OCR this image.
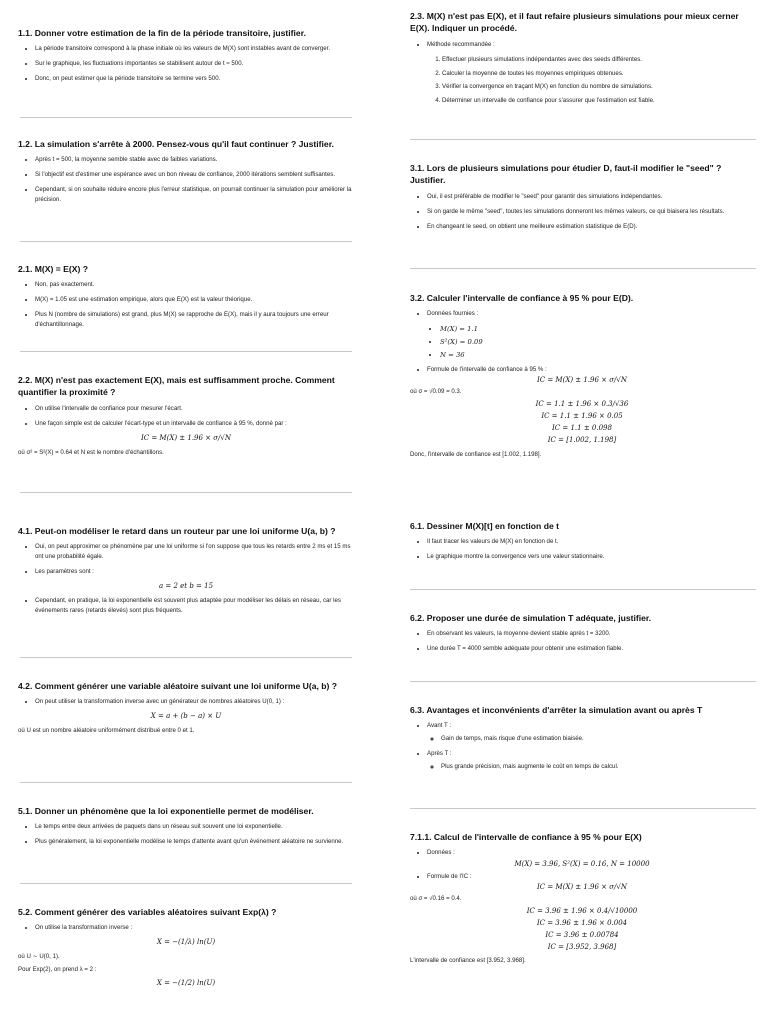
1.1. Donner votre estimation de la fin de la période transitoire, justifier.
• La période transitoire correspond à la phase initiale où les valeurs de M(X) sont instables avant de converger.
• Sur le graphique, les fluctuations importantes se stabilisent autour de t ≈ 500.
• Donc, on peut estimer que la période transitoire se termine vers 500.
1.2. La simulation s'arrête à 2000. Pensez-vous qu'il faut continuer ? Justifier.
• Après t = 500, la moyenne semble stable avec de faibles variations.
• Si l'objectif est d'estimer une espérance avec un bon niveau de confiance, 2000 itérations semblent suffisantes.
• Cependant, si on souhaite réduire encore plus l'erreur statistique, on pourrait continuer la simulation pour améliorer la précision.
2.1. M(X) = E(X) ?
• Non, pas exactement.
• M(X) = 1.05 est une estimation empirique, alors que E(X) est la valeur théorique.
• Plus N (nombre de simulations) est grand, plus M(X) se rapproche de E(X), mais il y aura toujours une erreur d'échantillonnage.
2.2. M(X) n'est pas exactement E(X), mais est suffisamment proche. Comment quantifier la proximité ?
• On utilise l'intervalle de confiance pour mesurer l'écart.
• Une façon simple est de calculer l'écart-type et un intervalle de confiance à 95 %, donné par :
IC = M(X) ± 1.96 × σ/√N

où σ² = S²(X) = 0.64 et N est le nombre d'échantillons.

4.1. Peut-on modéliser le retard dans un routeur par une loi uniforme U(a, b) ?
• Oui, on peut approximer ce phénomène par une loi uniforme si l'on suppose que tous les retards entre 2 ms et 15 ms ont une probabilité égale.
• Les paramètres sont :
a = 2 et b = 15
• Cependant, en pratique, la loi exponentielle est souvent plus adaptée pour modéliser les délais en réseau, car les événements rares (retards élevés) sont plus fréquents.
4.2. Comment générer une variable aléatoire suivant une loi uniforme U(a, b) ?
• On peut utiliser la transformation inverse avec un générateur de nombres aléatoires U(0, 1) :
X = a + (b − a) × U

où U est un nombre aléatoire uniformément distribué entre 0 et 1.

5.1. Donner un phénomène que la loi exponentielle permet de modéliser.
• Le temps entre deux arrivées de paquets dans un réseau suit souvent une loi exponentielle.
• Plus généralement, la loi exponentielle modélise le temps d'attente avant qu'un événement aléatoire ne survienne.
5.2. Comment générer des variables aléatoires suivant Exp(λ) ?
• On utilise la transformation inverse :
X = −(1/λ) ln(U)

où U ∼ U(0, 1).

Pour Exp(2), on prend λ = 2 :

X = −(1/2) ln(U)
2.3. M(X) n'est pas E(X), et il faut refaire plusieurs simulations pour mieux cerner E(X). Indiquer un procédé.
• Méthode recommandée :
1. Effectuer plusieurs simulations indépendantes avec des seeds différentes.
2. Calculer la moyenne de toutes les moyennes empiriques obtenues.
3. Vérifier la convergence en traçant M(X) en fonction du nombre de simulations.
4. Déterminer un intervalle de confiance pour s'assurer que l'estimation est fiable.
3.1. Lors de plusieurs simulations pour étudier D, faut-il modifier le "seed" ? Justifier.
• Oui, il est préférable de modifier le "seed" pour garantir des simulations indépendantes.
• Si on garde le même "seed", toutes les simulations donneront les mêmes valeurs, ce qui biaisera les résultats.
• En changeant le seed, on obtient une meilleure estimation statistique de E(D).
3.2. Calculer l'intervalle de confiance à 95 % pour E(D).
• Données fournies :
• M(X) = 1.1
• S²(X) = 0.09
• N = 36
• Formule de l'intervalle de confiance à 95 % :
IC = M(X) ± 1.96 × σ/√N

où σ = √0.09 = 0.3.

IC = 1.1 ± 1.96 × 0.3/√36
IC = 1.1 ± 1.96 × 0.05
IC = 1.1 ± 0.098
IC = [1.002, 1.198]

Donc, l'intervalle de confiance est [1.002, 1.198].

6.1. Dessiner M(X)[t] en fonction de t
• Il faut tracer les valeurs de M(X) en fonction de t.
• Le graphique montre la convergence vers une valeur stationnaire.
6.2. Proposer une durée de simulation T adéquate, justifier.
• En observant les valeurs, la moyenne devient stable après t = 3200.
• Une durée T = 4000 semble adéquate pour obtenir une estimation fiable.
6.3. Avantages et inconvénients d'arrêter la simulation avant ou après T
• Avant T :
◦ Gain de temps, mais risque d'une estimation biaisée.
• Après T :
◦ Plus grande précision, mais augmente le coût en temps de calcul.
7.1.1. Calcul de l'intervalle de confiance à 95 % pour E(X)
• Données :
M(X) = 3.96, S²(X) = 0.16, N = 10000
• Formule de l'IC :
IC = M(X) ± 1.96 × σ/√N

où σ = √0.16 = 0.4.

IC = 3.96 ± 1.96 × 0.4/√10000
IC = 3.96 ± 1.96 × 0.004
IC = 3.96 ± 0.00784
IC = [3.952, 3.968]

L'intervalle de confiance est [3.952, 3.968].
